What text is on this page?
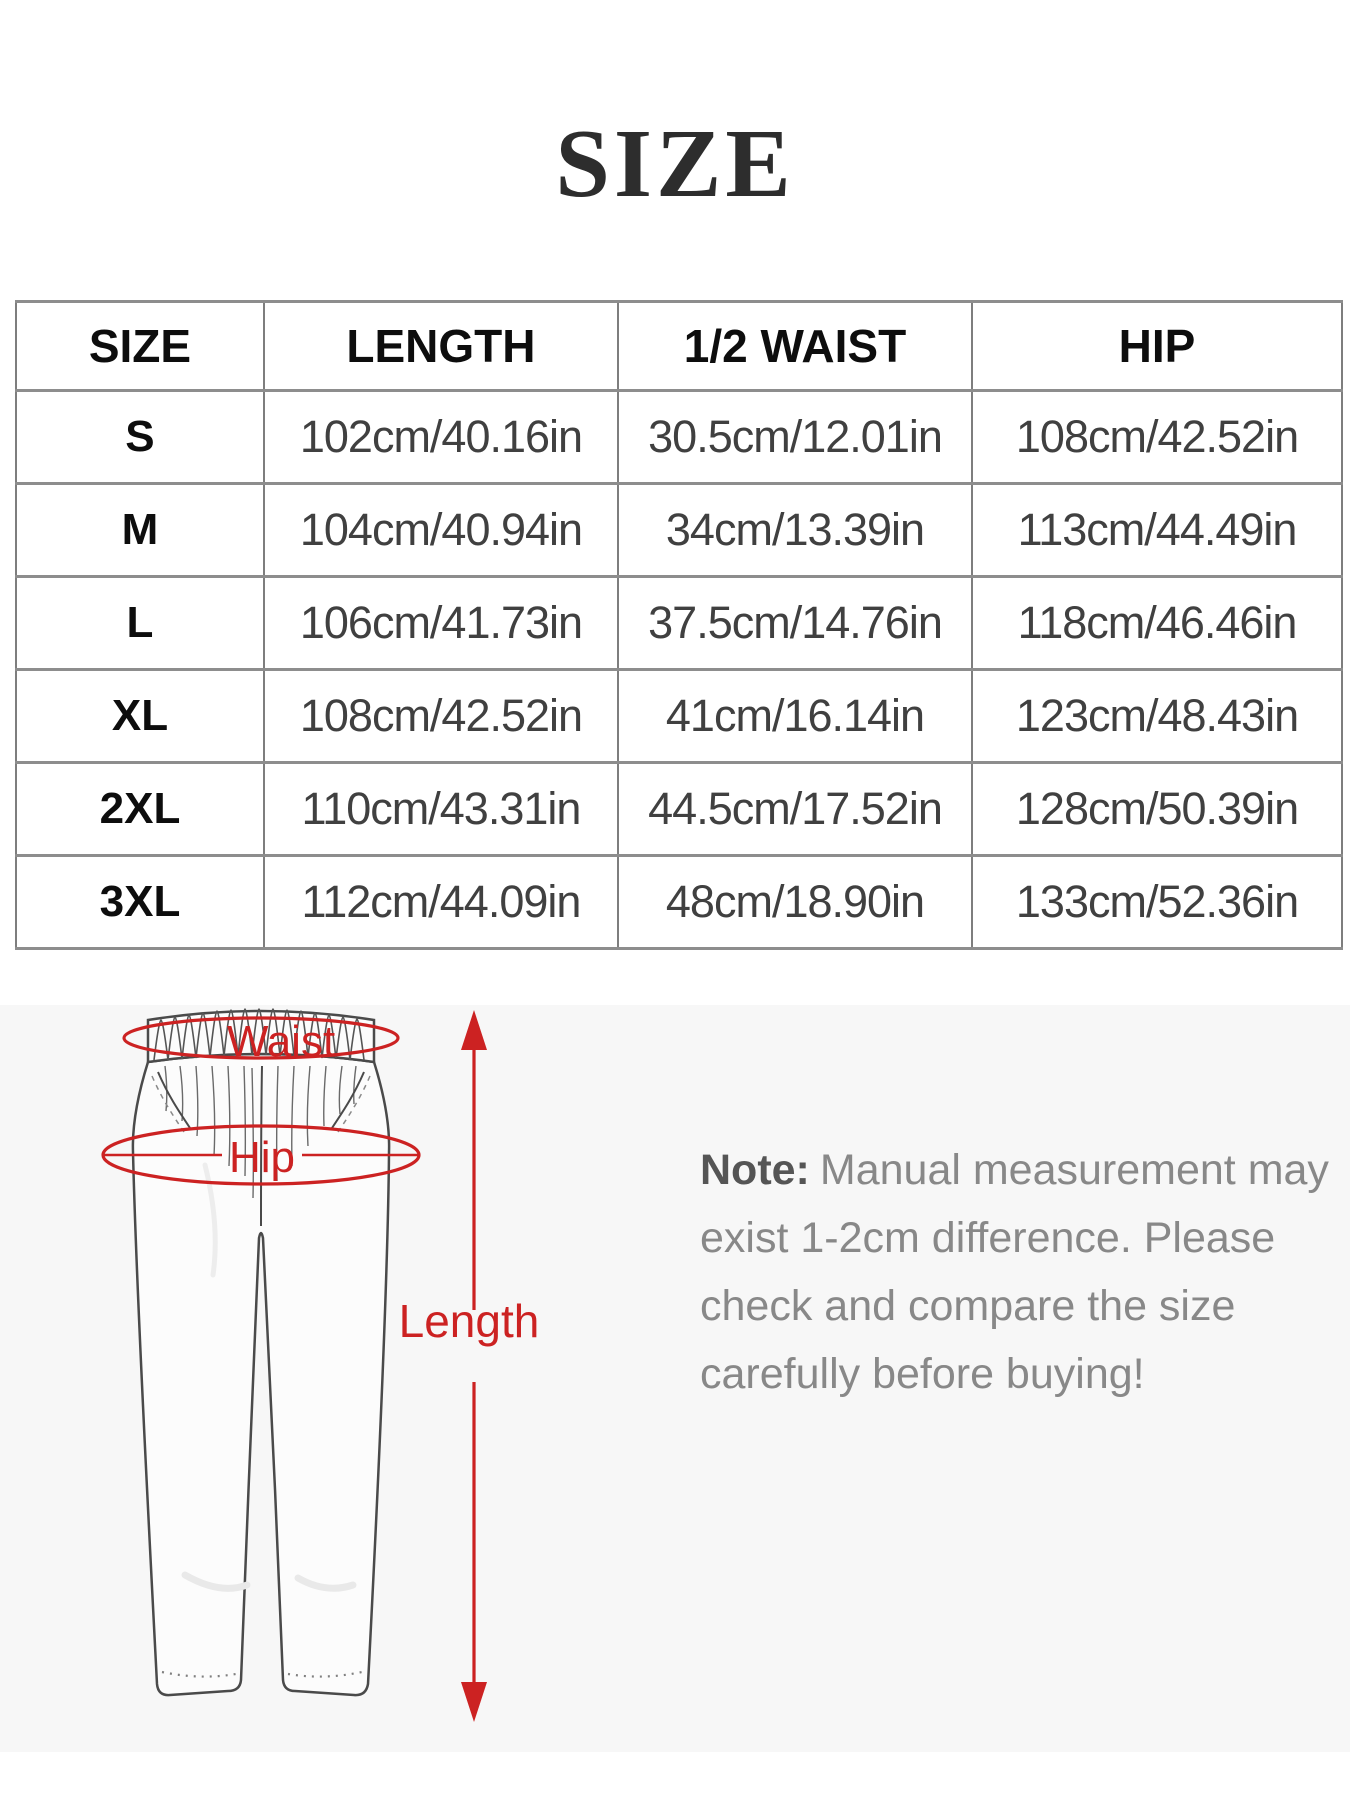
SIZE
SIZE	LENGTH	1/2 WAIST	HIP
S	102cm/40.16in	30.5cm/12.01in	108cm/42.52in
M	104cm/40.94in	34cm/13.39in	113cm/44.49in
L	106cm/41.73in	37.5cm/14.76in	118cm/46.46in
XL	108cm/42.52in	41cm/16.14in	123cm/48.43in
2XL	110cm/43.31in	44.5cm/17.52in	128cm/50.39in
3XL	112cm/44.09in	48cm/18.90in	133cm/52.36in
Waist
Hip
Length
Note: Manual measurement may
exist 1-2cm difference. Please
check and compare the size
carefully before buying!
